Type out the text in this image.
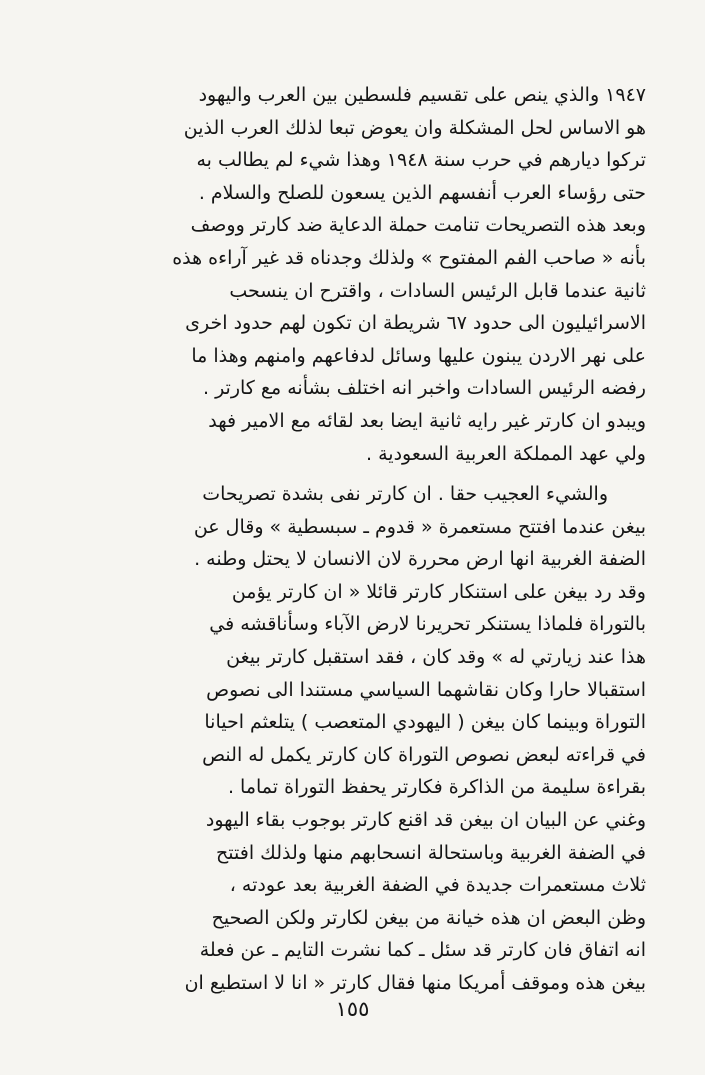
١٩٤٧ والذي ينص على تقسيم فلسطين بين العرب واليهود
هو الاساس لحل المشكلة وان يعوض تبعا لذلك العرب الذين
تركوا ديارهم في حرب سنة ١٩٤٨ وهذا شيء لم يطالب به
حتى رؤساء العرب أنفسهم الذين يسعون للصلح والسلام .
وبعد هذه التصريحات تنامت حملة الدعاية ضد كارتر ووصف
بأنه « صاحب الفم المفتوح » ولذلك وجدناه قد غير آراءه هذه
ثانية عندما قابل الرئيس السادات ، واقترح ان ينسحب
الاسرائيليون الى حدود ٦٧ شريطة ان تكون لهم حدود اخرى
على نهر الاردن يبنون عليها وسائل لدفاعهم وامنهم وهذا ما
رفضه الرئيس السادات واخبر انه اختلف بشأنه مع كارتر .
ويبدو ان كارتر غير رايه ثانية ايضا بعد لقائه مع الامير فهد
ولي عهد المملكة العربية السعودية .
والشيء العجيب حقا . ان كارتر نفى بشدة تصريحات
بيغن عندما افتتح مستعمرة « قدوم ـ سبسطية » وقال عن
الضفة الغربية انها ارض محررة لان الانسان لا يحتل وطنه .
وقد رد بيغن على استنكار كارتر قائلا « ان كارتر يؤمن
بالتوراة فلماذا يستنكر تحريرنا لارض الآباء وسأناقشه في
هذا عند زيارتي له » وقد كان ، فقد استقبل كارتر بيغن
استقبالا حارا وكان نقاشهما السياسي مستندا الى نصوص
التوراة وبينما كان بيغن ( اليهودي المتعصب ) يتلعثم احيانا
في قراءته لبعض نصوص التوراة كان كارتر يكمل له النص
بقراءة سليمة من الذاكرة فكارتر يحفظ التوراة تماما .
وغني عن البيان ان بيغن قد اقنع كارتر بوجوب بقاء اليهود
في الضفة الغربية وباستحالة انسحابهم منها ولذلك افتتح
ثلاث مستعمرات جديدة في الضفة الغربية بعد عودته ،
وظن البعض ان هذه خيانة من بيغن لكارتر ولكن الصحيح
انه اتفاق فان كارتر قد سئل ـ كما نشرت التايم ـ عن فعلة
بيغن هذه وموقف أمريكا منها فقال كارتر « انا لا استطيع ان
١٥٥
